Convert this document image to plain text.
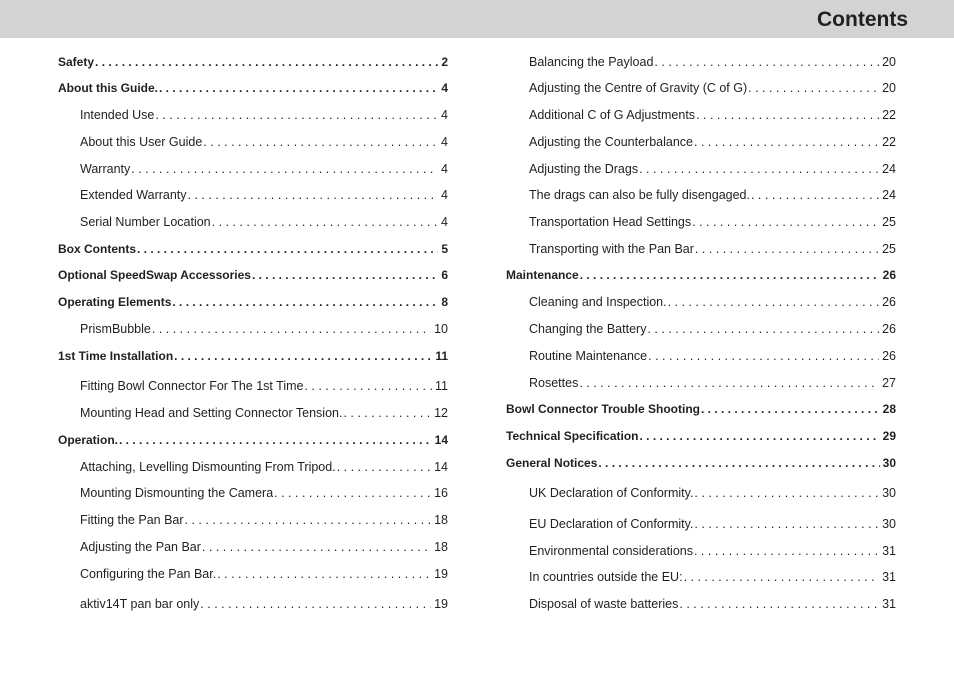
Contents
Safety . . .	2
About this Guide. . . .	4
Intended Use . . .	4
About this User Guide . . .	4
Warranty . . .	4
Extended Warranty . . .	4
Serial Number Location . . .	4
Box Contents . . .	5
Optional SpeedSwap Accessories . . .	6
Operating Elements . . .	8
PrismBubble . . .	10
1st Time Installation . . .	11
Fitting Bowl Connector For The 1st Time . . .	11
Mounting Head and Setting Connector Tension. . . .	12
Operation. . . .	14
Attaching, Levelling Dismounting From Tripod. . . .	14
Mounting Dismounting the Camera . . .	16
Fitting the Pan Bar . . .	18
Adjusting the Pan Bar . . .	18
Configuring the Pan Bar. . . .	19
aktiv14T pan bar only . . .	19
Balancing the Payload . . .	20
Adjusting the Centre of Gravity (C of G) . . .	20
Additional C of G Adjustments . . .	22
Adjusting the Counterbalance . . .	22
Adjusting the Drags . . .	24
The drags can also be fully disengaged. . . .	24
Transportation Head Settings . . .	25
Transporting with the Pan Bar . . .	25
Maintenance . . .	26
Cleaning and Inspection. . . .	26
Changing the Battery . . .	26
Routine Maintenance . . .	26
Rosettes . . .	27
Bowl Connector Trouble Shooting . . .	28
Technical Specification . . .	29
General Notices . . .	30
UK Declaration of Conformity. . . .	30
EU Declaration of Conformity. . . .	30
Environmental considerations . . .	31
In countries outside the EU: . . .	31
Disposal of waste batteries . . .	31
